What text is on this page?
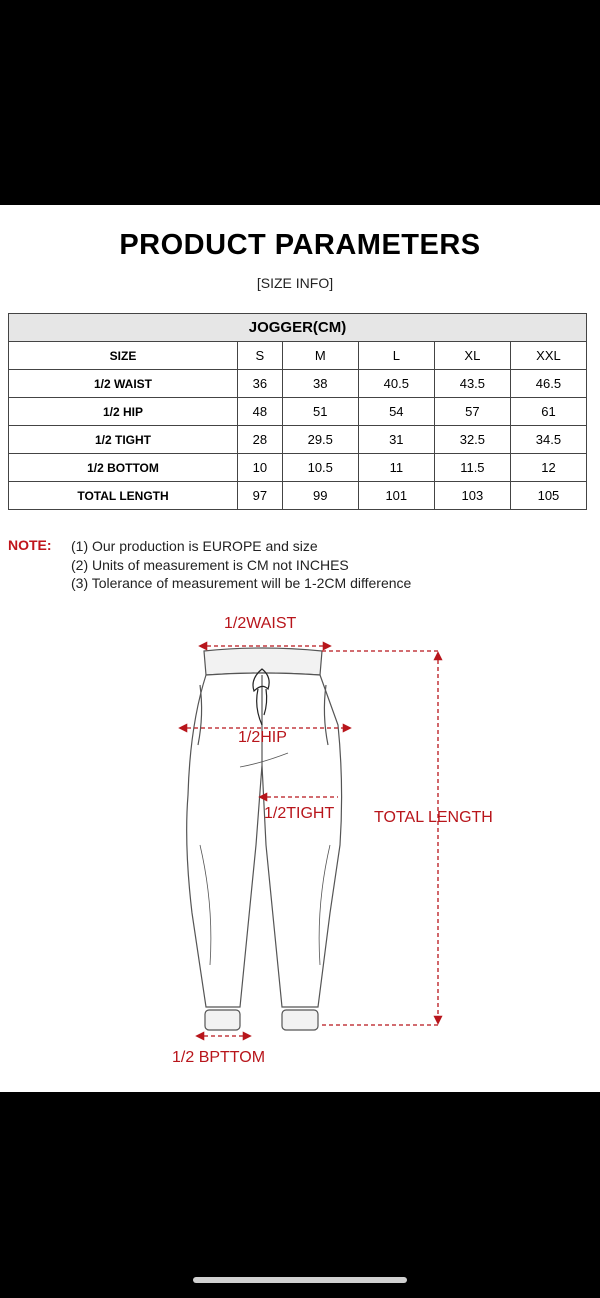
PRODUCT PARAMETERS
[SIZE INFO]
JOGGER(CM)					
SIZE	S	M	L	XL	XXL
1/2 WAIST	36	38	40.5	43.5	46.5
1/2 HIP	48	51	54	57	61
1/2 TIGHT	28	29.5	31	32.5	34.5
1/2 BOTTOM	10	10.5	11	11.5	12
TOTAL LENGTH	97	99	101	103	105
NOTE: (1) Our production is EUROPE and size
(2) Units of measurement is CM not INCHES
(3) Tolerance of measurement will be 1-2CM difference
1/2WAIST
1/2HIP
1/2TIGHT TOTAL LENGTH
1/2 BPTTOM
